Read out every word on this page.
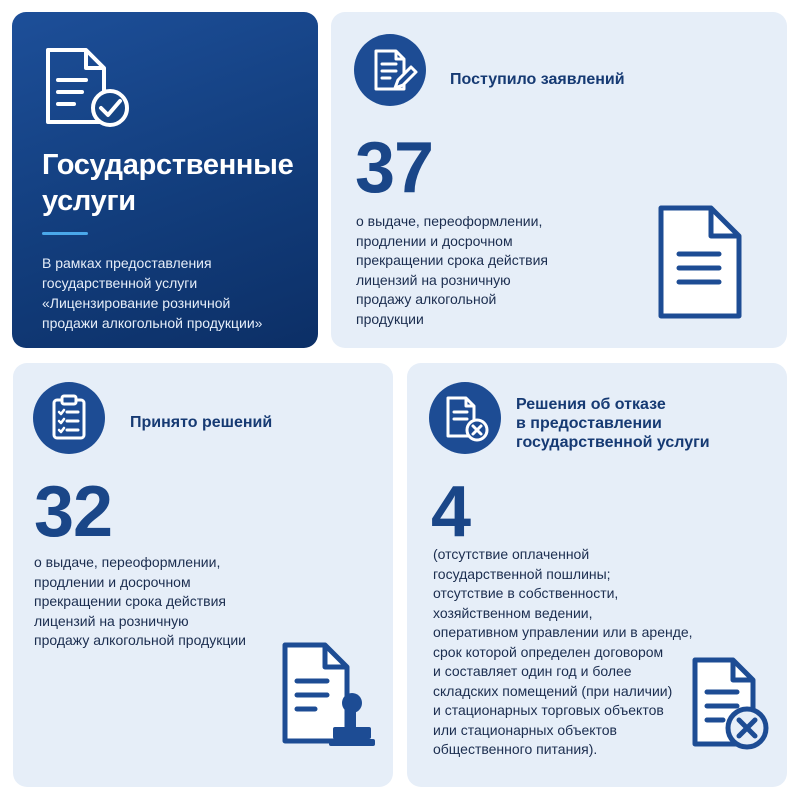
Государственные услуги
В рамках предоставления
государственной услуги
«Лицензирование розничной
продажи алкогольной продукции»
Поступило заявлений
37
о выдаче, переоформлении,
продлении и досрочном
прекращении срока действия
лицензий на розничную
продажу алкогольной
продукции
Принято решений
32
о выдаче, переоформлении,
продлении и досрочном
прекращении срока действия
лицензий на розничную
продажу алкогольной продукции
Решения об отказе
в предоставлении
государственной услуги
4
(отсутствие оплаченной
государственной пошлины;
отсутствие в собственности,
хозяйственном ведении,
оперативном управлении или в аренде,
срок которой определен договором
и составляет один год и более
складских помещений (при наличии)
и стационарных торговых объектов
или стационарных объектов
общественного питания).
